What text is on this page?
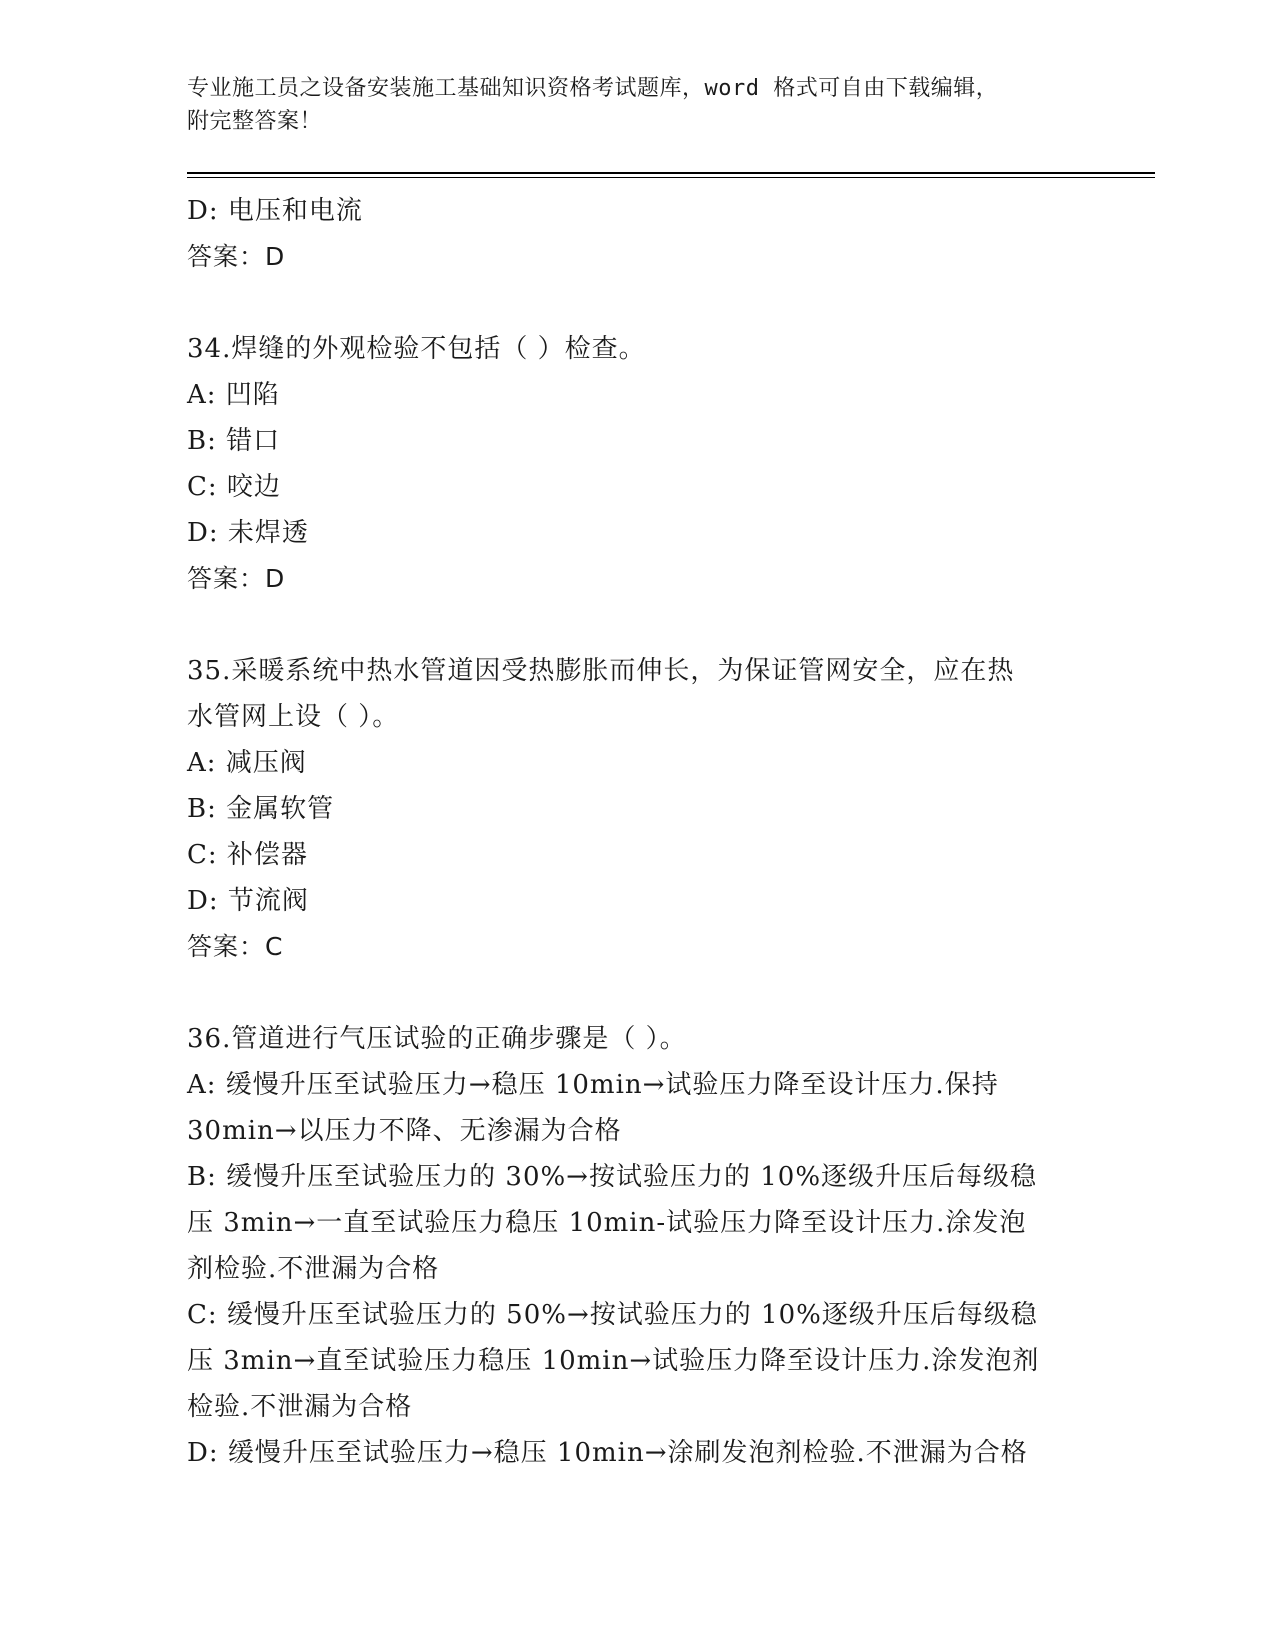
专业施工员之设备安装施工基础知识资格考试题库，word 格式可自由下载编辑，
附完整答案！
D: 电压和电流
答案：D
34.焊缝的外观检验不包括（ ）检查。
A: 凹陷
B: 错口
C: 咬边
D: 未焊透
答案：D
35.采暖系统中热水管道因受热膨胀而伸长，为保证管网安全，应在热
水管网上设（ ）。
A: 减压阀
B: 金属软管
C: 补偿器
D: 节流阀
答案：C
36.管道进行气压试验的正确步骤是（ ）。
A: 缓慢升压至试验压力→稳压 10min→试验压力降至设计压力.保持
30min→以压力不降、无渗漏为合格
B: 缓慢升压至试验压力的 30%→按试验压力的 10%逐级升压后每级稳
压 3min→一直至试验压力稳压 10min-试验压力降至设计压力.涂发泡
剂检验.不泄漏为合格
C: 缓慢升压至试验压力的 50%→按试验压力的 10%逐级升压后每级稳
压 3min→直至试验压力稳压 10min→试验压力降至设计压力.涂发泡剂
检验.不泄漏为合格
D: 缓慢升压至试验压力→稳压 10min→涂刷发泡剂检验.不泄漏为合格
